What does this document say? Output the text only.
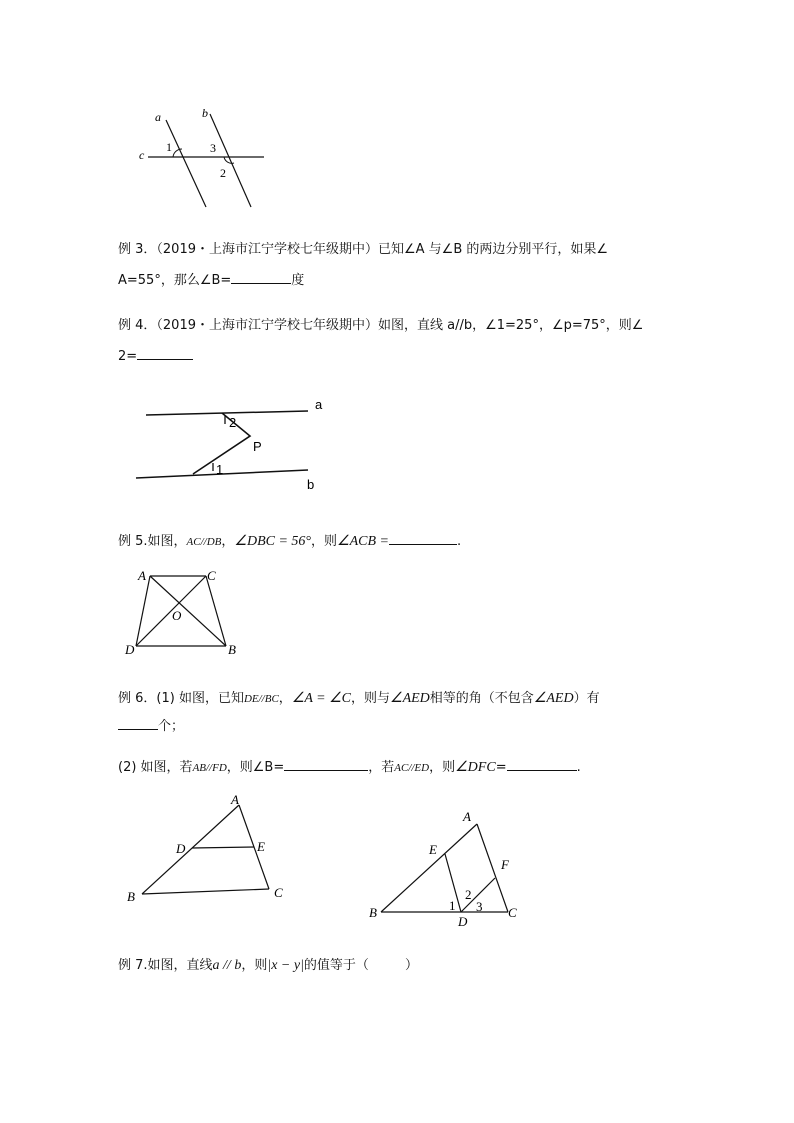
a	b
c
1	3
2
例 3．（2019・上海市江宁学校七年级期中）已知∠A 与∠B 的两边分别平行，如果∠
A=55°，那么∠B=	度
例 4．（2019・上海市江宁学校七年级期中）如图，直线 a//b，∠1=25°，∠p=75°，则∠
2=
a
b
P
2
1
例 5.如图，AC//DB，∠DBC = 56°，则∠ACB =	.
A	C
O
D	B
例 6．(1) 如图，已知DE//BC，∠A = ∠C，则与∠AED相等的角（不包含∠AED）有
个；
(2) 如图，若AB//FD，则∠B=	，若AC//ED，则∠DFC=	.
A
D	E
B	C
A
E
F
B
D
C
1
2
3
例 7.如图，直线a // b，则|x − y|的值等于（	）
